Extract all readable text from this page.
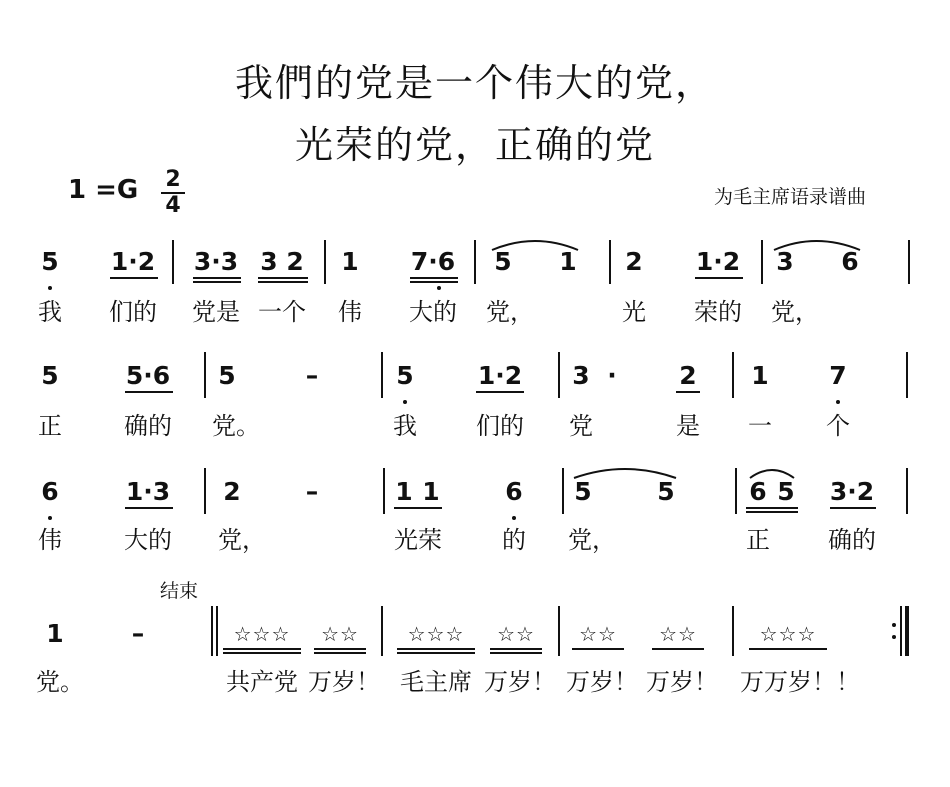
我們的党是一个伟大的党，
光荣的党，正确的党
1 =G 2
4	为毛主席语录谱曲
结束
5 1·2 3·3 3 2 1 7·6 5 1 2 1·2 3 6
我 们的 党是 一个 伟 大的 党，	光 荣的 党，
5	5·6 5	–	5	1·2 3 ·	2 1 7
正	确的 党。	我 们的 党	是 一 个
6	1·3 2	–	1 1	6 5	5	6 5 3·2
伟	大的 党，	光荣	的 党，	正 确的
1	–	☆☆☆ ☆☆ ☆☆☆ ☆☆ ☆☆ ☆☆	☆☆☆
党。	共产党 万岁！ 毛主席 万岁！ 万岁！ 万岁！ 万万岁！！
